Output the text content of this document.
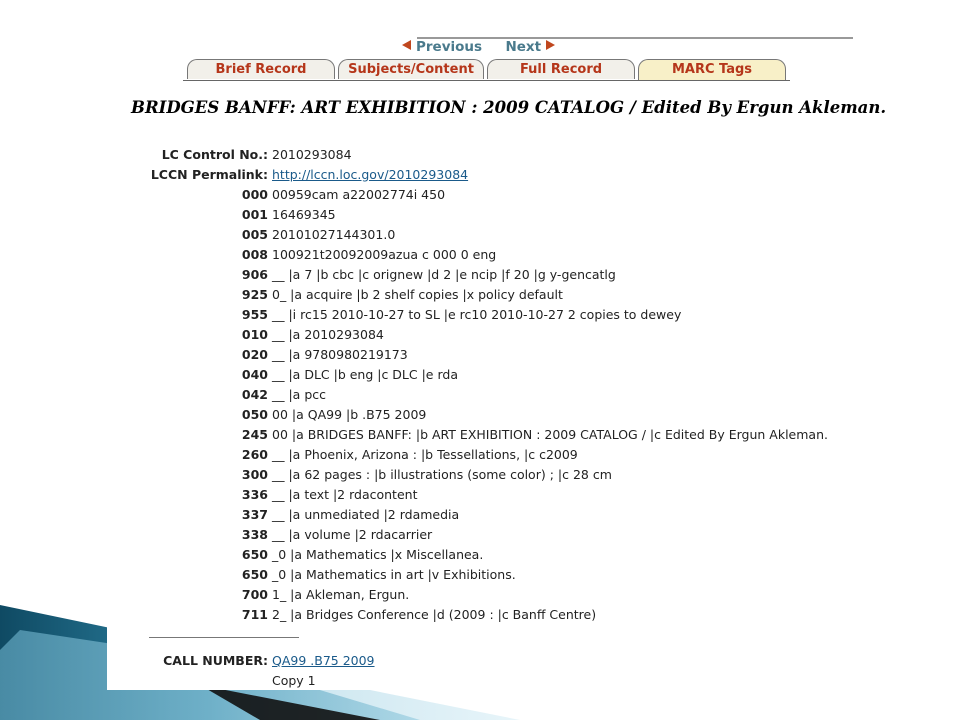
Previous Next
Brief Record	Subjects/Content	Full Record	MARC Tags
BRIDGES BANFF: ART EXHIBITION : 2009 CATALOG / Edited By Ergun Akleman.
LC Control No.: 2010293084
LCCN Permalink: http://lccn.loc.gov/2010293084
000 00959cam a22002774i 450
001 16469345
005 20101027144301.0
008 100921t20092009azua c 000 0 eng
906 __ |a 7 |b cbc |c orignew |d 2 |e ncip |f 20 |g y-gencatlg
925 0_ |a acquire |b 2 shelf copies |x policy default
955 __ |i rc15 2010-10-27 to SL |e rc10 2010-10-27 2 copies to dewey
010 __ |a 2010293084
020 __ |a 9780980219173
040 __ |a DLC |b eng |c DLC |e rda
042 __ |a pcc
050 00 |a QA99 |b .B75 2009
245 00 |a BRIDGES BANFF: |b ART EXHIBITION : 2009 CATALOG / |c Edited By Ergun Akleman.
260 __ |a Phoenix, Arizona : |b Tessellations, |c c2009
300 __ |a 62 pages : |b illustrations (some color) ; |c 28 cm
336 __ |a text |2 rdacontent
337 __ |a unmediated |2 rdamedia
338 __ |a volume |2 rdacarrier
650 _0 |a Mathematics |x Miscellanea.
650 _0 |a Mathematics in art |v Exhibitions.
700 1_ |a Akleman, Ergun.
711 2_ |a Bridges Conference |d (2009 : |c Banff Centre)
CALL NUMBER: QA99 .B75 2009
Copy 1
